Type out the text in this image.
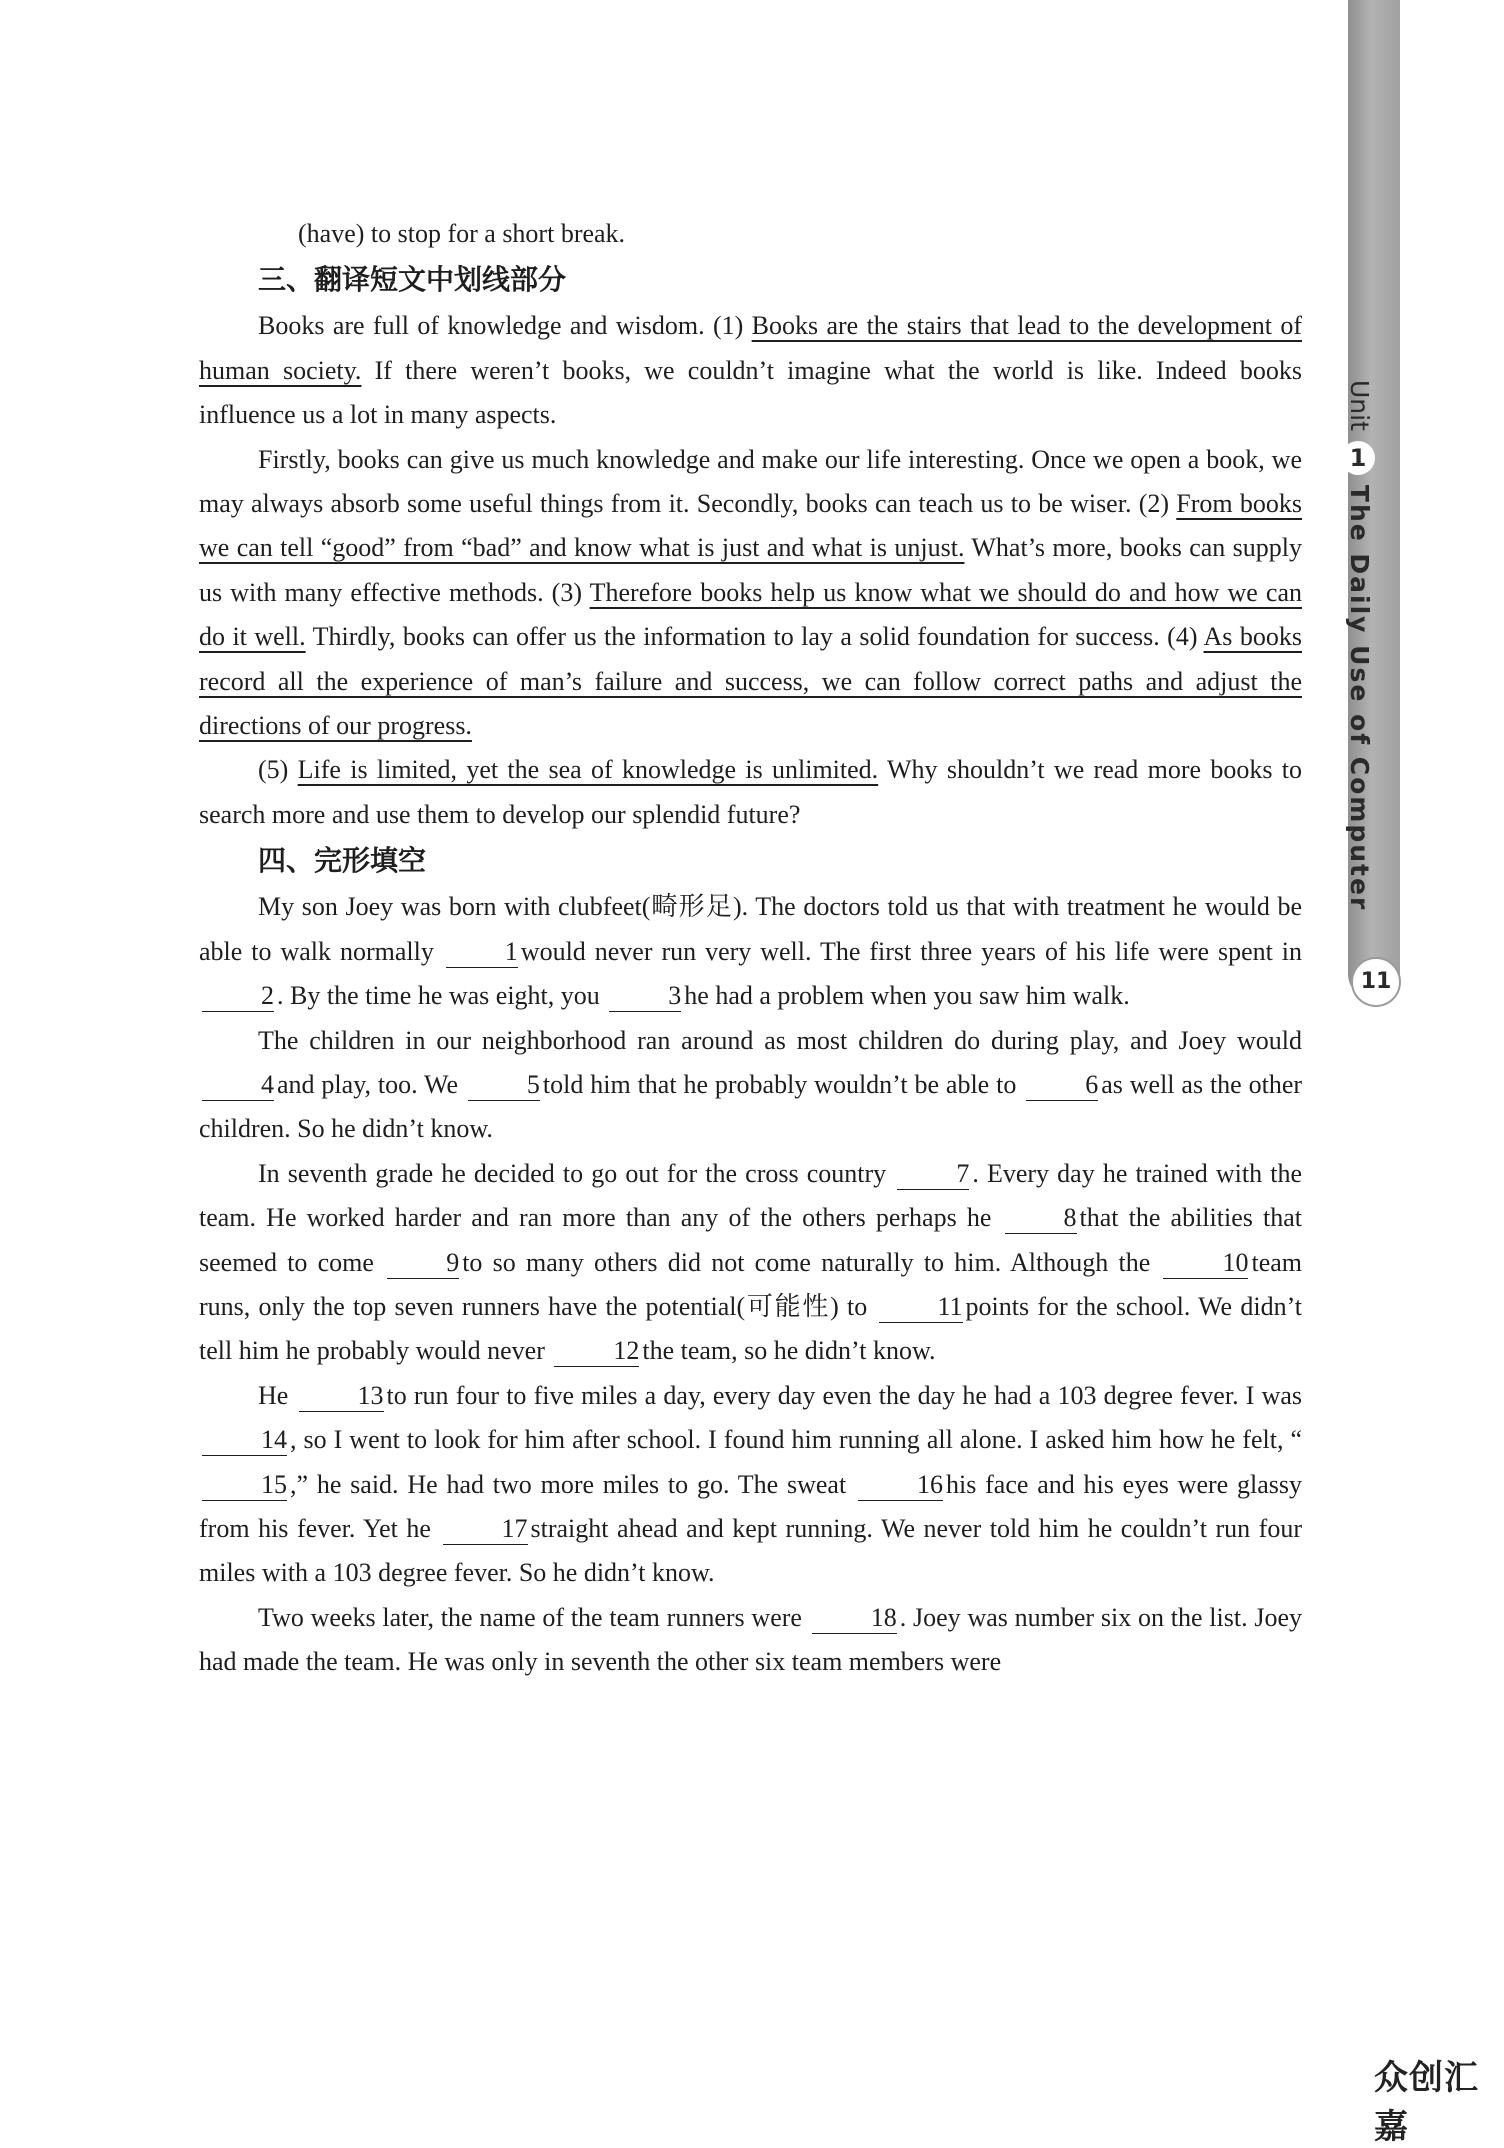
Unit1The Daily Use of Computer
11

(have) to stop for a short break.

三、翻译短文中划线部分

Books are full of knowledge and wisdom. (1) Books are the stairs that lead to the development of human society. If there weren’t books, we couldn’t imagine what the world is like. Indeed books influence us a lot in many aspects.

Firstly, books can give us much knowledge and make our life interesting. Once we open a book, we may always absorb some useful things from it. Secondly, books can teach us to be wiser. (2) From books we can tell “good” from “bad” and know what is just and what is unjust. What’s more, books can supply us with many effective methods. (3) Therefore books help us know what we should do and how we can do it well. Thirdly, books can offer us the information to lay a solid foundation for success. (4) As books record all the experience of man’s failure and success, we can follow correct paths and adjust the directions of our progress.

(5) Life is limited, yet the sea of knowledge is unlimited. Why shouldn’t we read more books to search more and use them to develop our splendid future?

四、完形填空

My son Joey was born with clubfeet(畸形足). The doctors told us that with treatment he would be able to walk normally	1 would never run very well. The first three years of his life were spent in 2 . By the time he was eight, you	3 he had a problem when you saw him walk.

The children in our neighborhood ran around as most children do during play, and Joey would 4 and play, too. We	5 told him that he probably wouldn’t be able to	6 as well as the other children. So he didn’t know.

In seventh grade he decided to go out for the cross country	7 . Every day he trained with the team. He worked harder and ran more than any of the others perhaps he	8 that the abilities that seemed to come	9 to so many others did not come naturally to him. Although the	10 team runs, only the top seven runners have the potential(可能性) to	11 points for the school. We didn’t tell him he probably would never	12 the team, so he didn’t know.

He	13 to run four to five miles a day, every day even the day he had a 103 degree fever. I was 14 , so I went to look for him after school. I found him running all alone. I asked him how he felt, “ 15 ,” he said. He had two more miles to go. The sweat	16 his face and his eyes were glassy from his fever. Yet he	17 straight ahead and kept running. We never told him he couldn’t run four miles with a 103 degree fever. So he didn’t know.

Two weeks later, the name of the team runners were	18 . Joey was number six on the list. Joey had made the team. He was only in seventh the other six team members were

众创汇嘉
